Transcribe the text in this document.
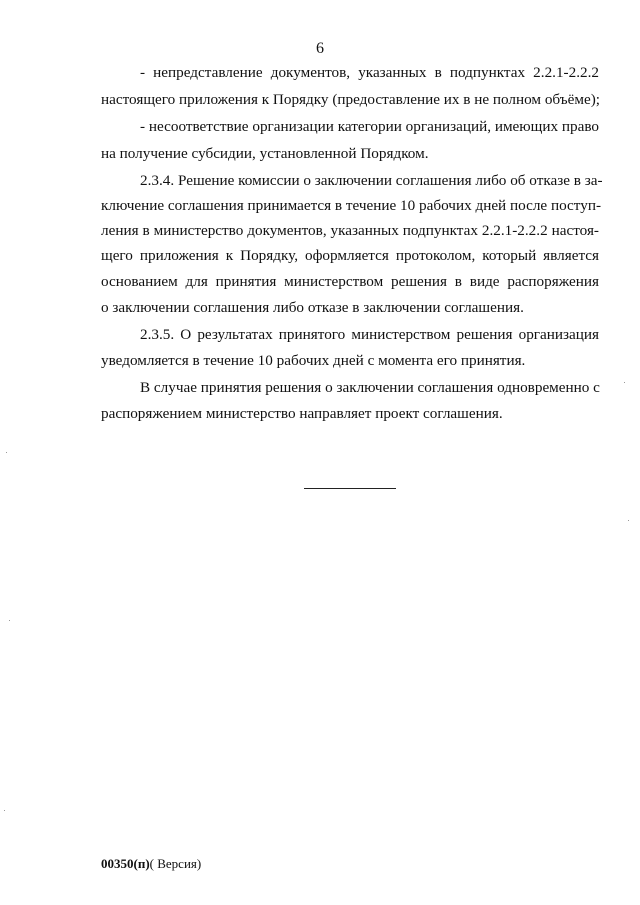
6
- непредставление документов, указанных в подпунктах 2.2.1-2.2.2
настоящего приложения к Порядку (предоставление их в не полном объёме);
- несоответствие организации категории организаций, имеющих право
на получение субсидии, установленной Порядком.
2.3.4. Решение комиссии о заключении соглашения либо об отказе в за-
ключение соглашения принимается в течение 10 рабочих дней после поступ-
ления в министерство документов, указанных подпунктах 2.2.1-2.2.2 настоя-
щего приложения к Порядку, оформляется протоколом, который является
основанием для принятия министерством решения в виде распоряжения
о заключении соглашения либо отказе в заключении соглашения.
2.3.5. О результатах принятого министерством решения организация
уведомляется в течение 10 рабочих дней с момента его принятия.
В случае принятия решения о заключении соглашения одновременно с
распоряжением министерство направляет проект соглашения.
00350(п)( Версия)
